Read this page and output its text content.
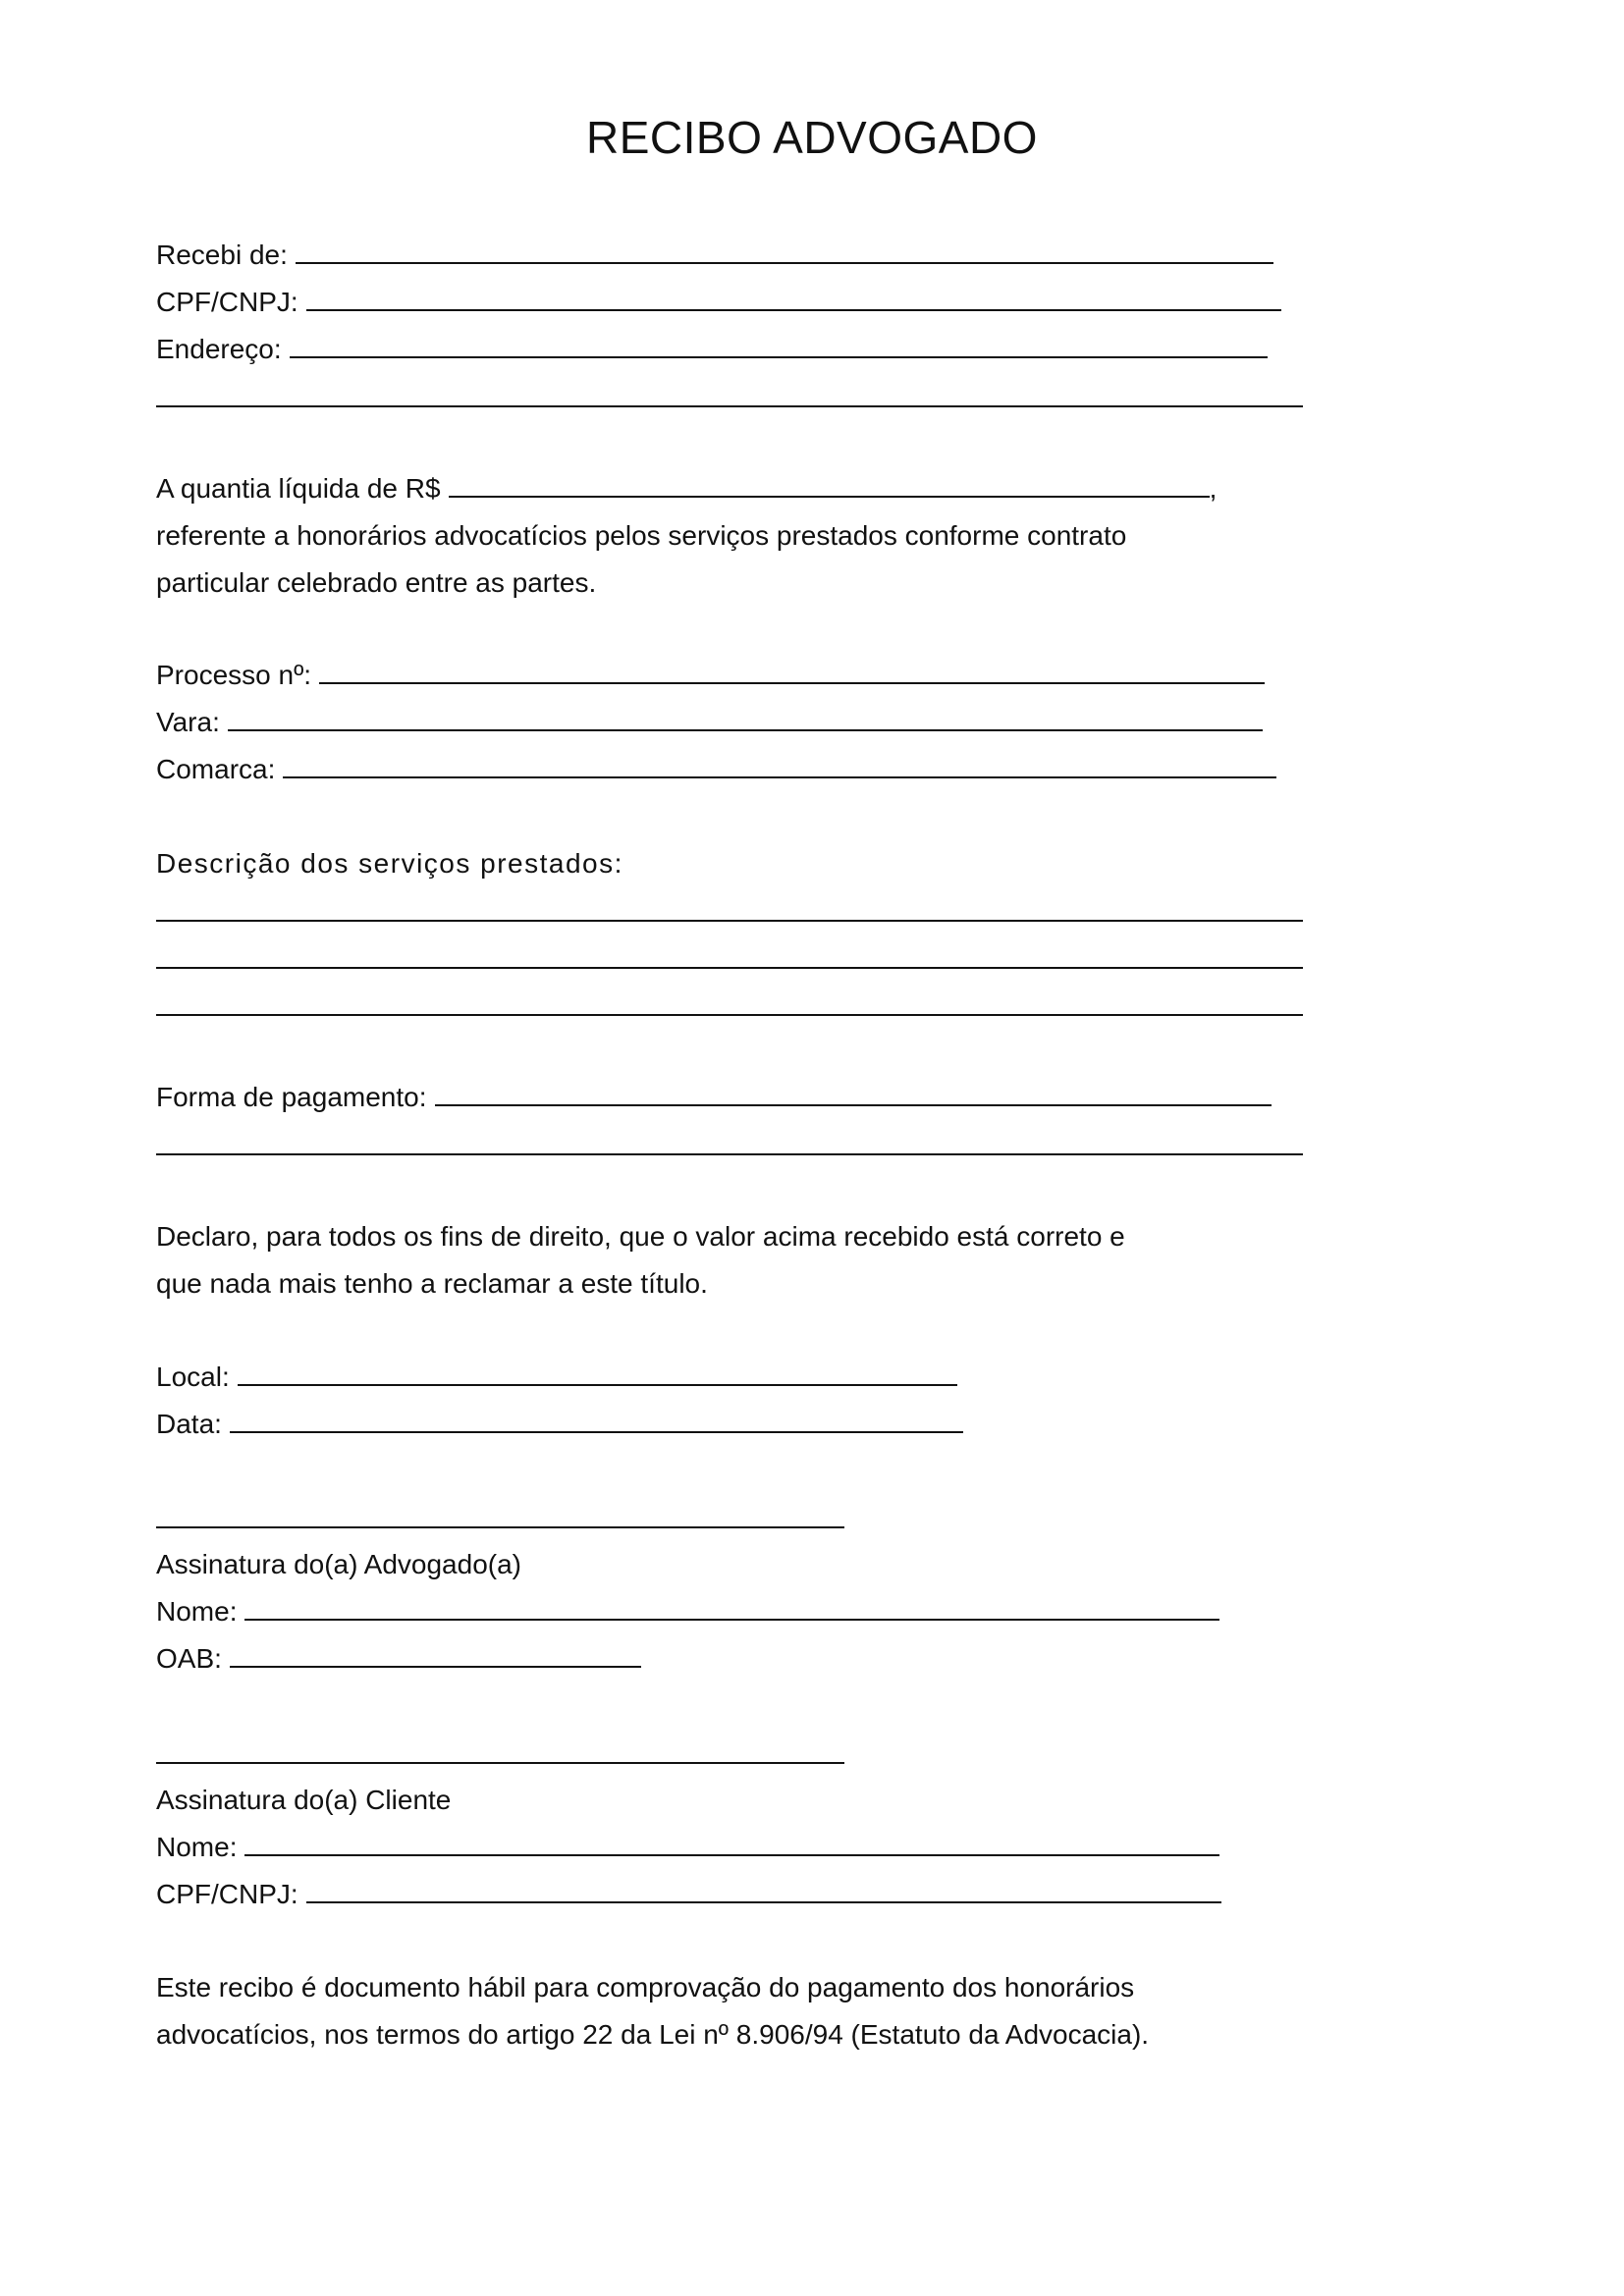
RECIBO ADVOGADO
Recebi de:
CPF/CNPJ:
Endereço:
A quantia líquida de R$	,
referente a honorários advocatícios pelos serviços prestados conforme contrato
particular celebrado entre as partes.
Processo nº:
Vara:
Comarca:
Descrição dos serviços prestados:
Forma de pagamento:
Declaro, para todos os fins de direito, que o valor acima recebido está correto e
que nada mais tenho a reclamar a este título.
Local:
Data:
Assinatura do(a) Advogado(a)
Nome:
OAB:
Assinatura do(a) Cliente
Nome:
CPF/CNPJ:
Este recibo é documento hábil para comprovação do pagamento dos honorários
advocatícios, nos termos do artigo 22 da Lei nº 8.906/94 (Estatuto da Advocacia).
